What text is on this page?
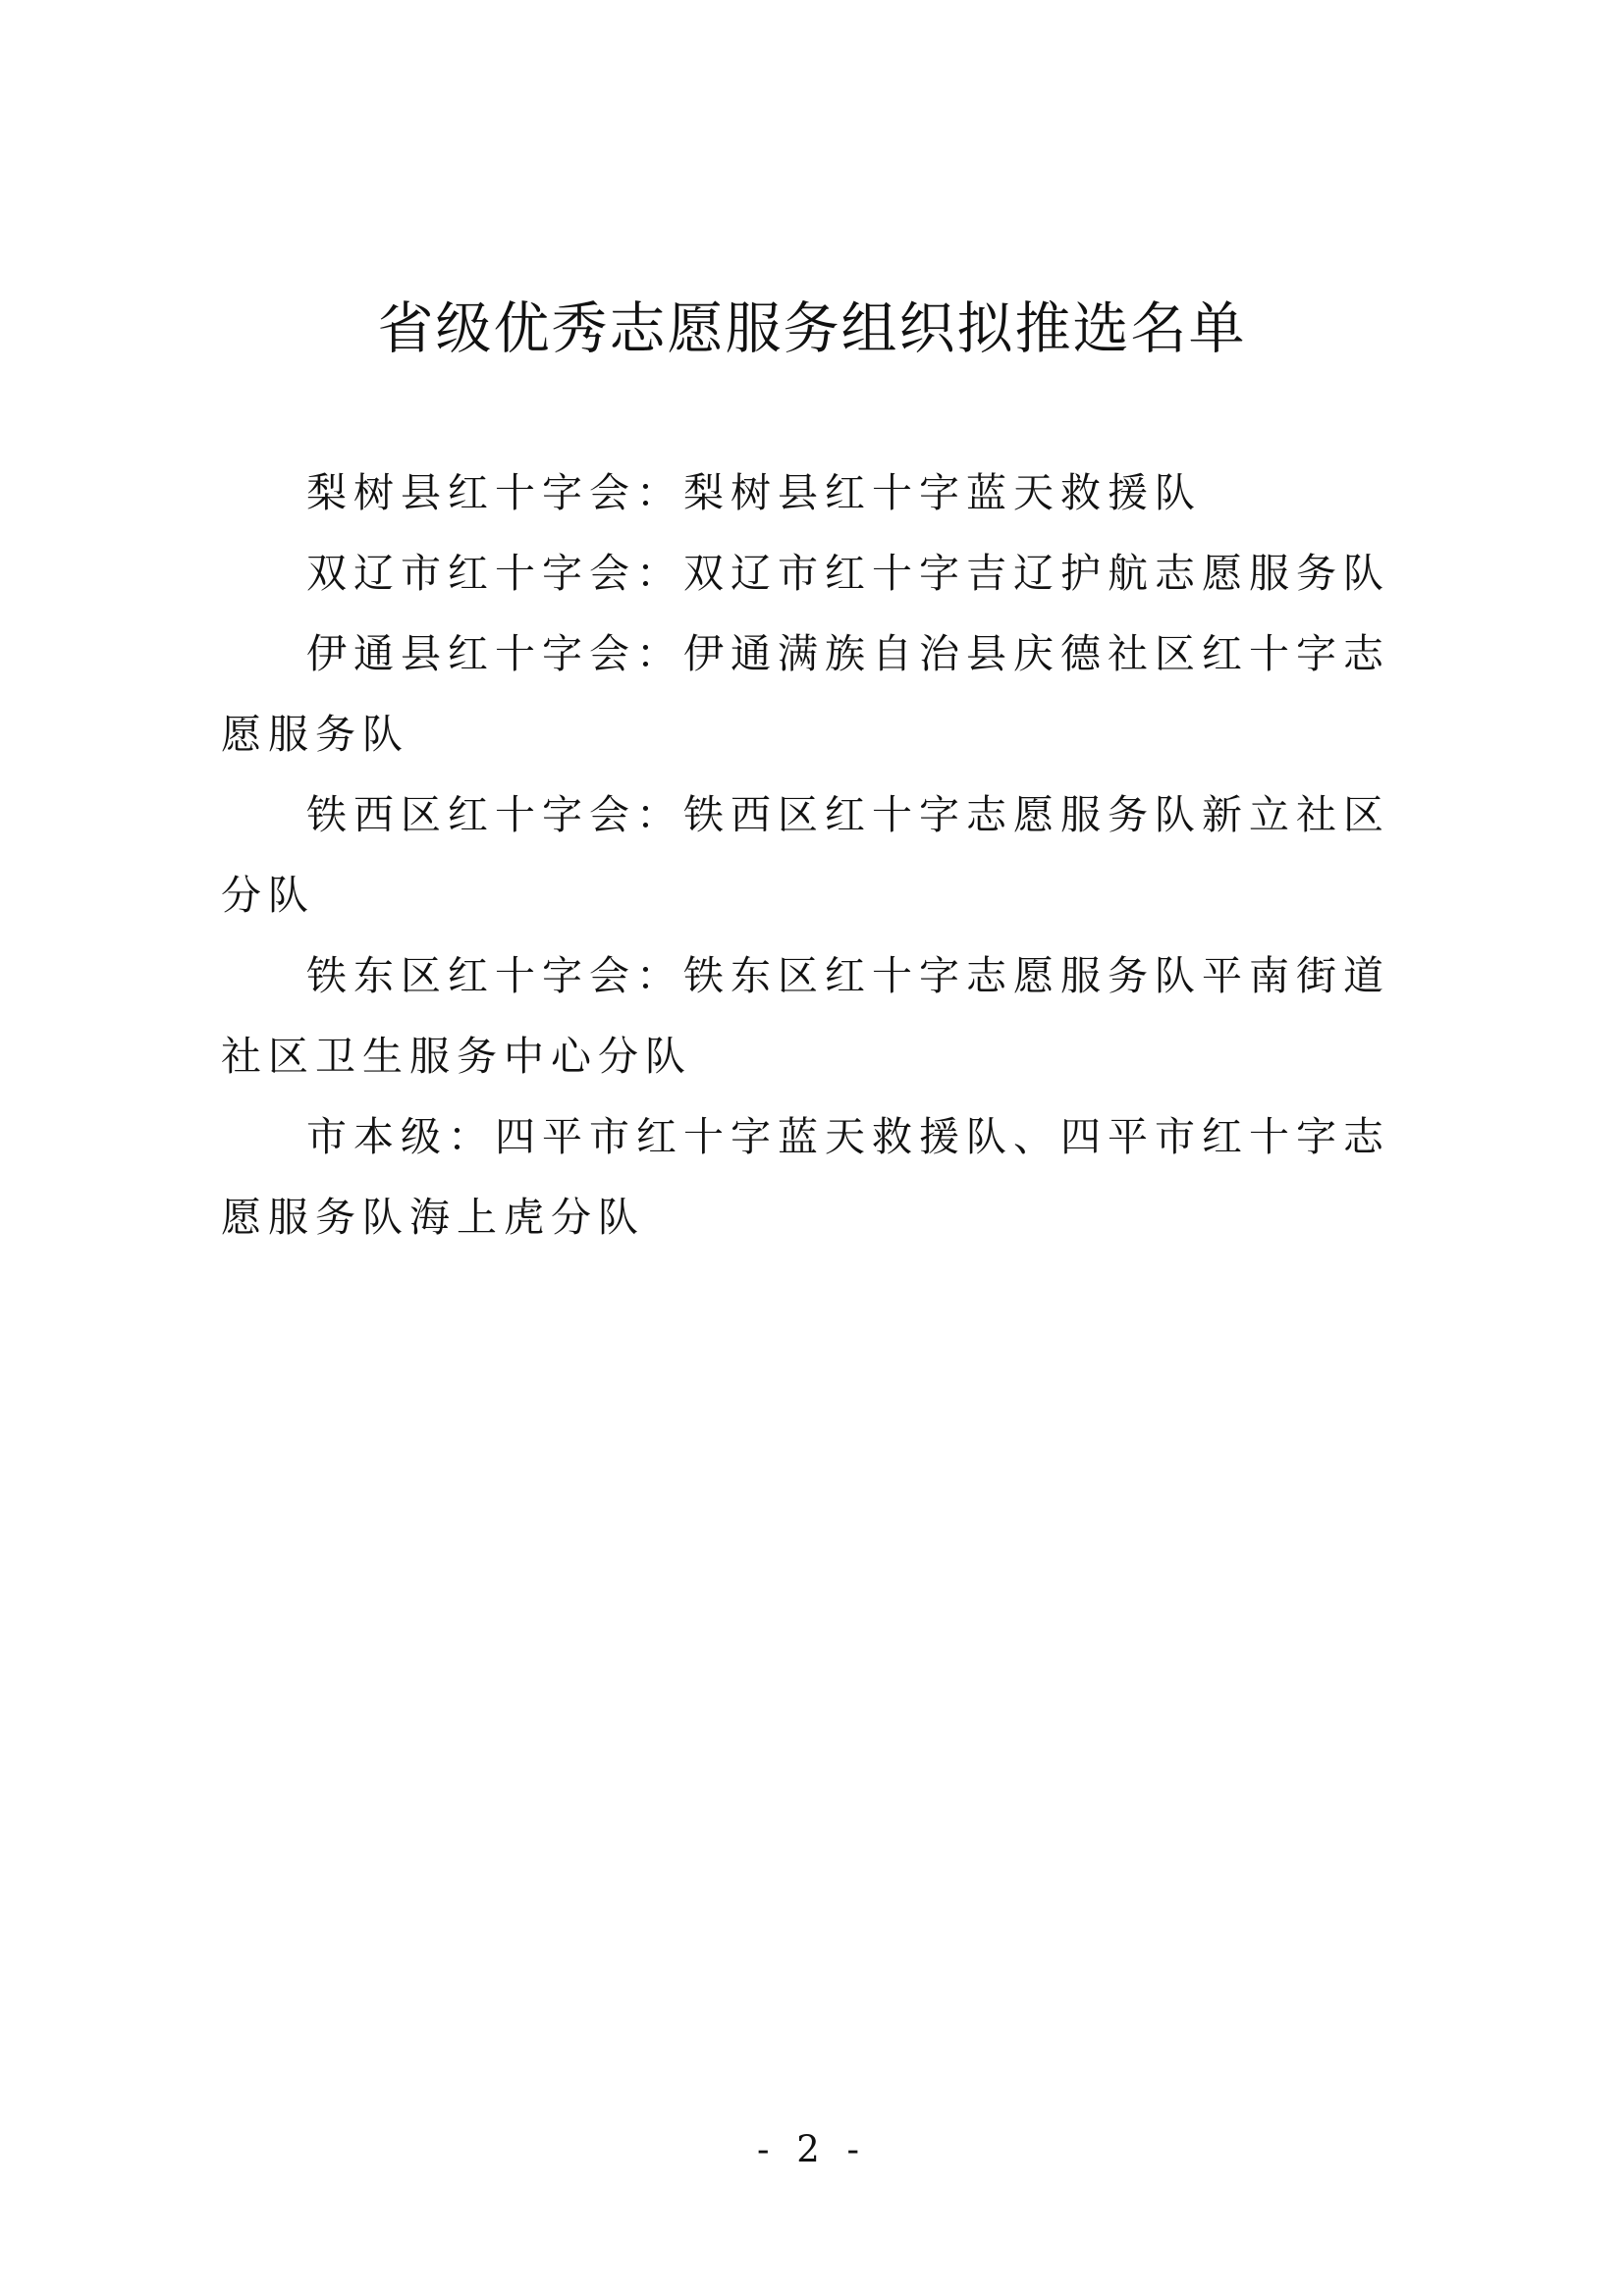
省级优秀志愿服务组织拟推选名单

梨树县红十字会：梨树县红十字蓝天救援队

双辽市红十字会：双辽市红十字吉辽护航志愿服务队

伊通县红十字会：伊通满族自治县庆德社区红十字志愿服务队

铁西区红十字会：铁西区红十字志愿服务队新立社区分队

铁东区红十字会：铁东区红十字志愿服务队平南街道社区卫生服务中心分队

市本级：四平市红十字蓝天救援队、四平市红十字志愿服务队海上虎分队

- 2 -
